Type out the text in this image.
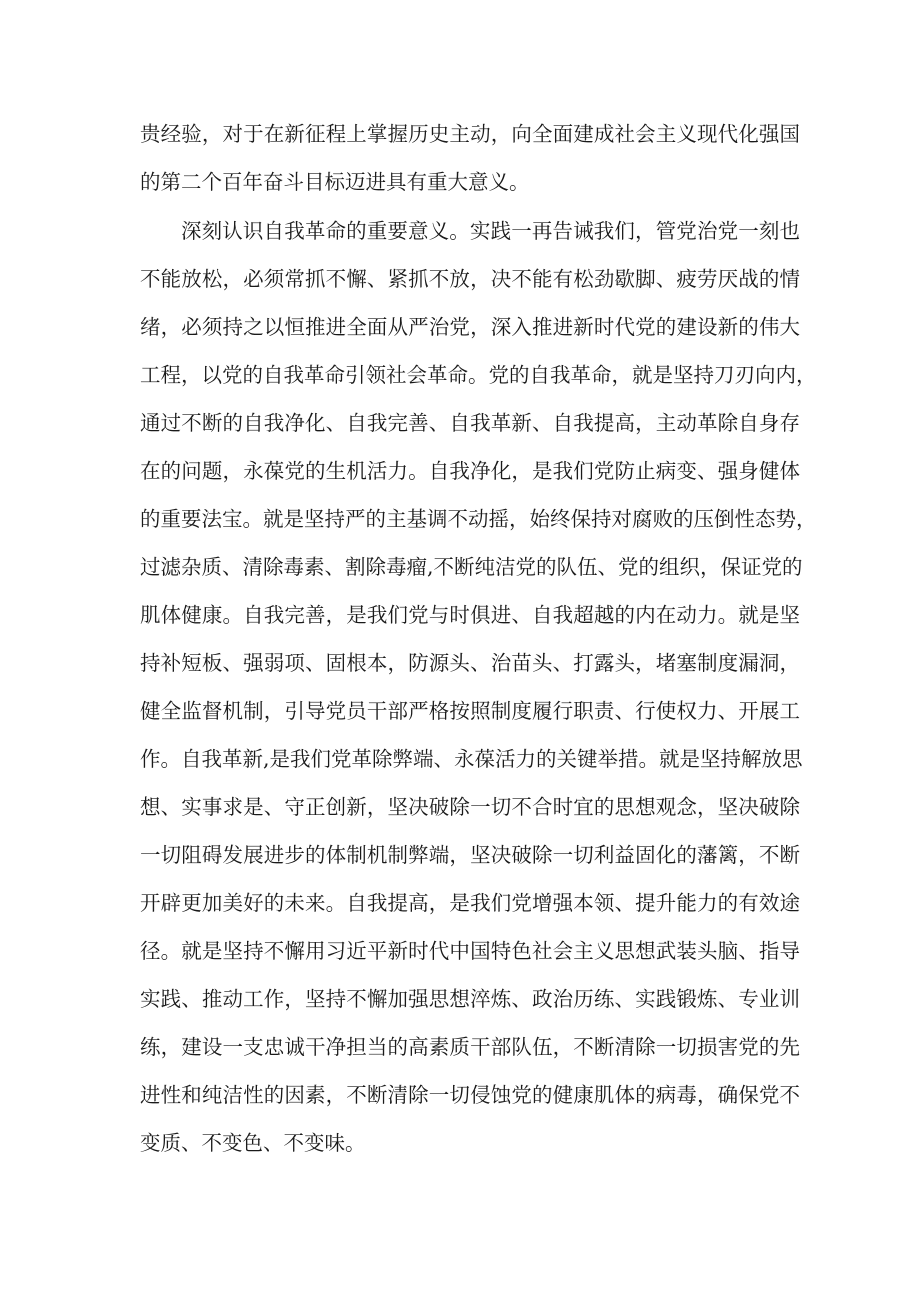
贵经验，对于在新征程上掌握历史主动，向全面建成社会主义现代化强国
的第二个百年奋斗目标迈进具有重大意义。
深刻认识自我革命的重要意义。实践一再告诫我们，管党治党一刻也
不能放松，必须常抓不懈、紧抓不放，决不能有松劲歇脚、疲劳厌战的情
绪，必须持之以恒推进全面从严治党，深入推进新时代党的建设新的伟大
工程，以党的自我革命引领社会革命。党的自我革命，就是坚持刀刃向内，
通过不断的自我净化、自我完善、自我革新、自我提高，主动革除自身存
在的问题，永葆党的生机活力。自我净化，是我们党防止病变、强身健体
的重要法宝。就是坚持严的主基调不动摇，始终保持对腐败的压倒性态势，
过滤杂质、清除毒素、割除毒瘤,不断纯洁党的队伍、党的组织，保证党的
肌体健康。自我完善，是我们党与时俱进、自我超越的内在动力。就是坚
持补短板、强弱项、固根本，防源头、治苗头、打露头，堵塞制度漏洞，
健全监督机制，引导党员干部严格按照制度履行职责、行使权力、开展工
作。自我革新,是我们党革除弊端、永葆活力的关键举措。就是坚持解放思
想、实事求是、守正创新，坚决破除一切不合时宜的思想观念，坚决破除
一切阻碍发展进步的体制机制弊端，坚决破除一切利益固化的藩篱，不断
开辟更加美好的未来。自我提高，是我们党增强本领、提升能力的有效途
径。就是坚持不懈用习近平新时代中国特色社会主义思想武装头脑、指导
实践、推动工作，坚持不懈加强思想淬炼、政治历练、实践锻炼、专业训
练，建设一支忠诚干净担当的高素质干部队伍，不断清除一切损害党的先
进性和纯洁性的因素，不断清除一切侵蚀党的健康肌体的病毒，确保党不
变质、不变色、不变味。
